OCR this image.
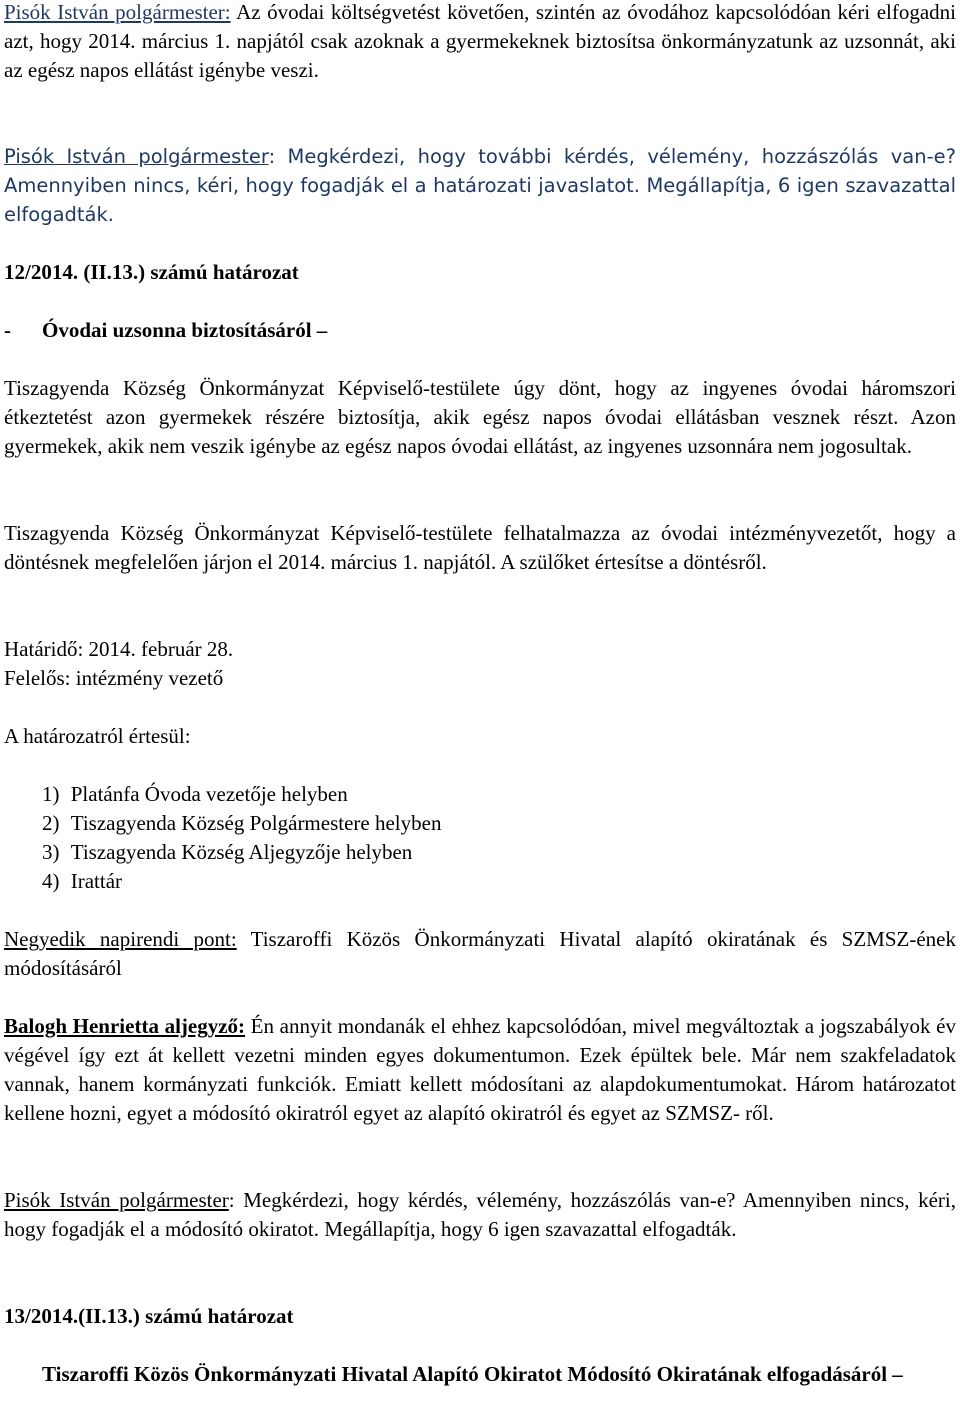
Pisók István polgármester: Az óvodai költségvetést követően, szintén az óvodához kapcsolódóan kéri elfogadni azt, hogy 2014. március 1. napjától csak azoknak a gyermekeknek biztosítsa önkormányzatunk az uzsonnát, aki az egész napos ellátást igénybe veszi.

Pisók István polgármester: Megkérdezi, hogy további kérdés, vélemény, hozzászólás van-e? Amennyiben nincs, kéri, hogy fogadják el a határozati javaslatot. Megállapítja, 6 igen szavazattal elfogadták.

12/2014. (II.13.) számú határozat

- Óvodai uzsonna biztosításáról –

Tiszagyenda Község Önkormányzat Képviselő-testülete úgy dönt, hogy az ingyenes óvodai háromszori étkeztetést azon gyermekek részére biztosítja, akik egész napos óvodai ellátásban vesznek részt. Azon gyermekek, akik nem veszik igénybe az egész napos óvodai ellátást, az ingyenes uzsonnára nem jogosultak.

Tiszagyenda Község Önkormányzat Képviselő-testülete felhatalmazza az óvodai intézményvezetőt, hogy a döntésnek megfelelően járjon el 2014. március 1. napjától. A szülőket értesítse a döntésről.

Határidő: 2014. február 28.

Felelős: intézmény vezető

A határozatról értesül:

1) Platánfa Óvoda vezetője helyben
2) Tiszagyenda Község Polgármestere helyben
3) Tiszagyenda Község Aljegyzője helyben
4) Irattár

Negyedik napirendi pont: Tiszaroffi Közös Önkormányzati Hivatal alapító okiratának és SZMSZ-ének módosításáról

Balogh Henrietta aljegyző: Én annyit mondanák el ehhez kapcsolódóan, mivel megváltoztak a jogszabályok év végével így ezt át kellett vezetni minden egyes dokumentumon. Ezek épültek bele. Már nem szakfeladatok vannak, hanem kormányzati funkciók. Emiatt kellett módosítani az alapdokumentumokat. Három határozatot kellene hozni, egyet a módosító okiratról egyet az alapító okiratról és egyet az SZMSZ- ről.

Pisók István polgármester: Megkérdezi, hogy kérdés, vélemény, hozzászólás van-e? Amennyiben nincs, kéri, hogy fogadják el a módosító okiratot. Megállapítja, hogy 6 igen szavazattal elfogadták.

13/2014.(II.13.) számú határozat

Tiszaroffi Közös Önkormányzati Hivatal Alapító Okiratot Módosító Okiratának elfogadásáról –
